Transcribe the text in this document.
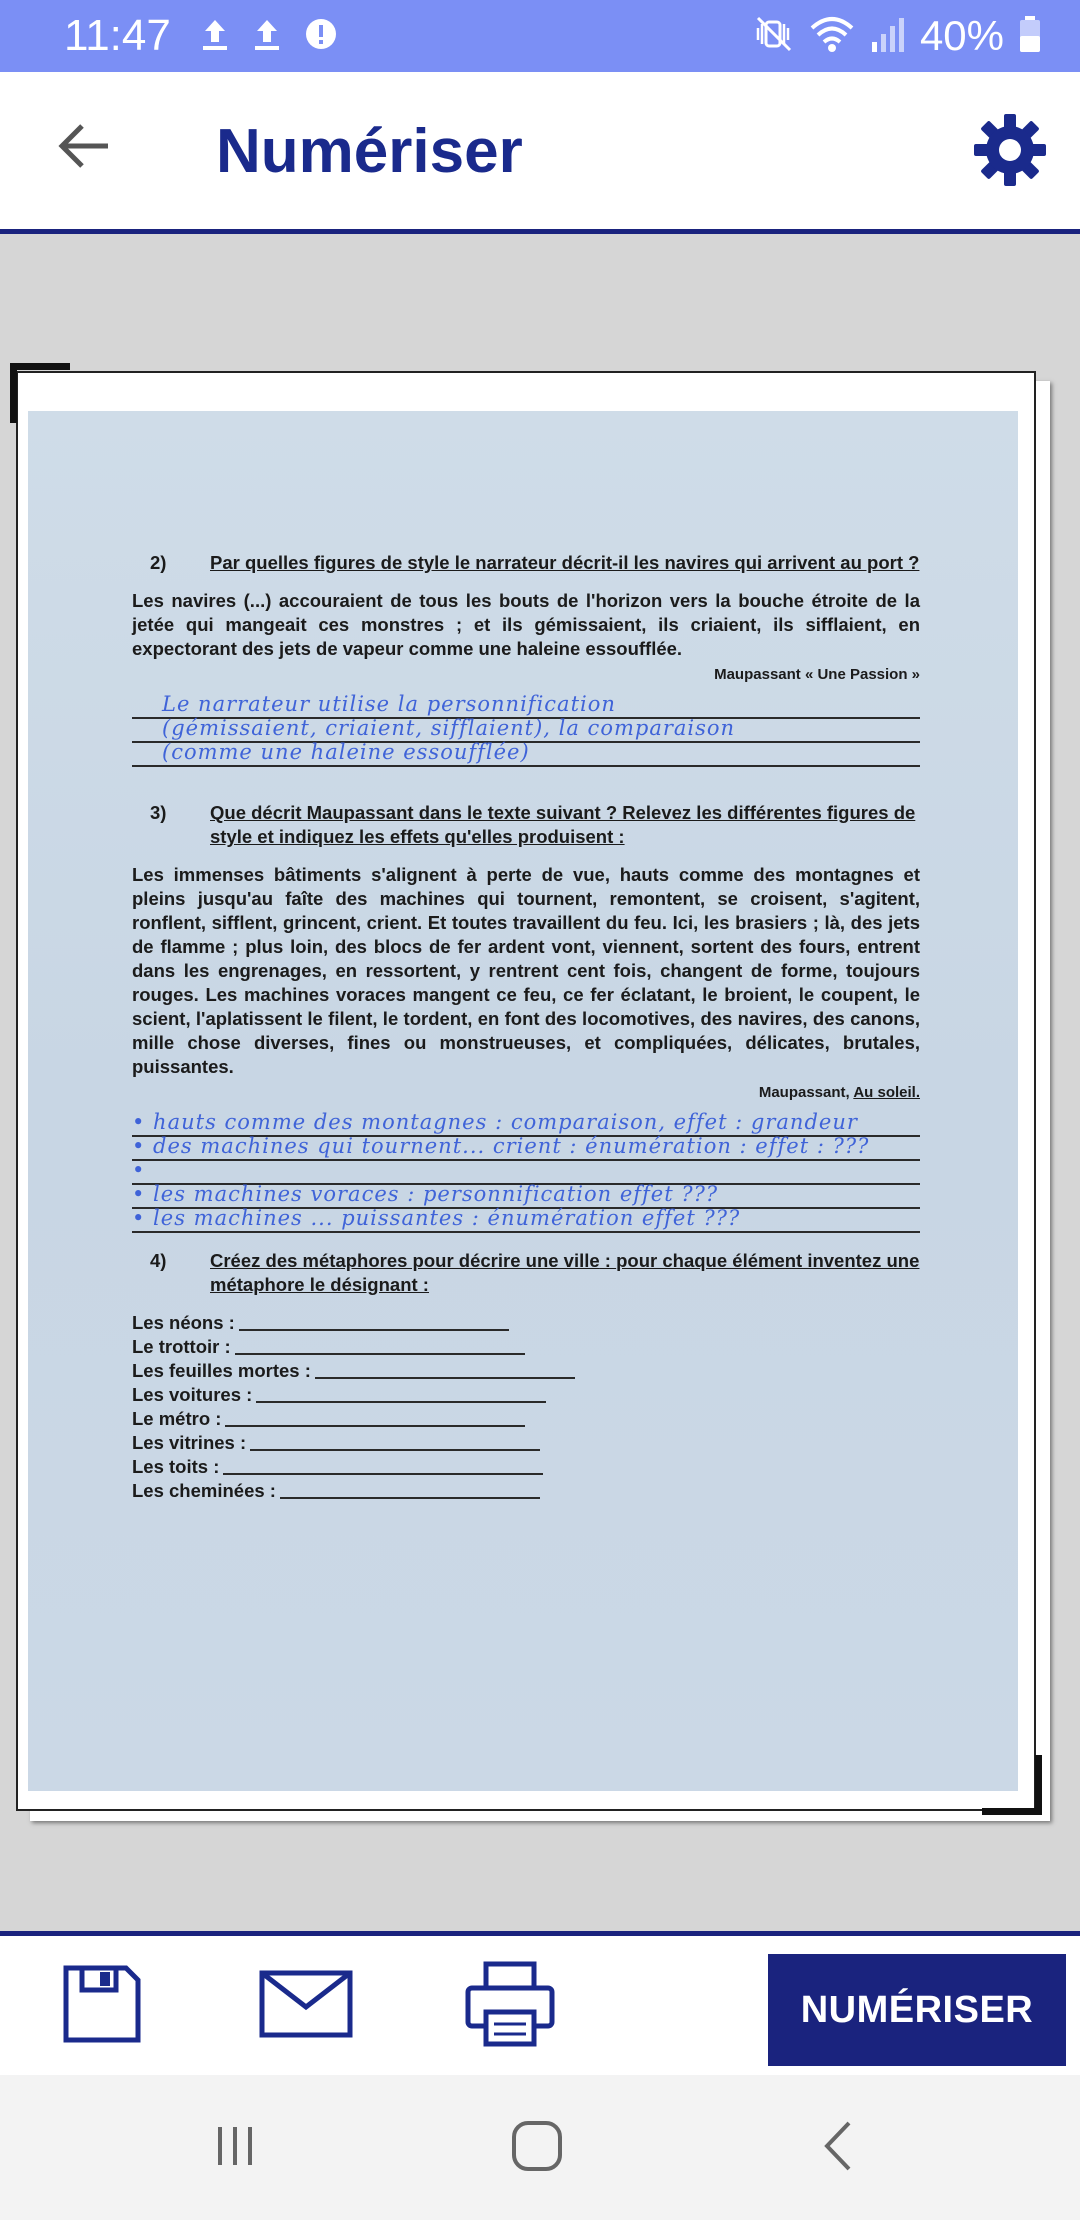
11:47	40%
Numériser
2) Par quelles figures de style le narrateur décrit-il les navires qui arrivent au port ?
Les navires (...) accouraient de tous les bouts de l'horizon vers la bouche étroite de la jetée qui mangeait ces monstres ; et ils gémissaient, ils criaient, ils sifflaient, en expectorant des jets de vapeur comme une haleine essoufflée.
Maupassant « Une Passion »
Le narrateur utilise la personnification
(gémissaient, criaient, sifflaient), la comparaison
(comme une haleine essoufflée)
3) Que décrit Maupassant dans le texte suivant ? Relevez les différentes figures de style et indiquez les effets qu'elles produisent :
Les immenses bâtiments s'alignent à perte de vue, hauts comme des montagnes et pleins jusqu'au faîte des machines qui tournent, remontent, se croisent, s'agitent, ronflent, sifflent, grincent, crient. Et toutes travaillent du feu. Ici, les brasiers ; là, des jets de flamme ; plus loin, des blocs de fer ardent vont, viennent, sortent des fours, entrent dans les engrenages, en ressortent, y rentrent cent fois, changent de forme, toujours rouges. Les machines voraces mangent ce feu, ce fer éclatant, le broient, le coupent, le scient, l'aplatissent le filent, le tordent, en font des locomotives, des navires, des canons, mille chose diverses, fines ou monstrueuses, et compliquées, délicates, brutales, puissantes.
Maupassant, Au soleil.
• hauts comme des montagnes : comparaison, effet : grandeur
• des machines qui tournent... crient : énumération : effet : ???
•
• les machines voraces : personnification effet ???
• les machines ... puissantes : énumération effet ???
4) Créez des métaphores pour décrire une ville : pour chaque élément inventez une métaphore le désignant :
Les néons :
Le trottoir :
Les feuilles mortes :
Les voitures :
Le métro :
Les vitrines :
Les toits :
Les cheminées :
NUMÉRISER
